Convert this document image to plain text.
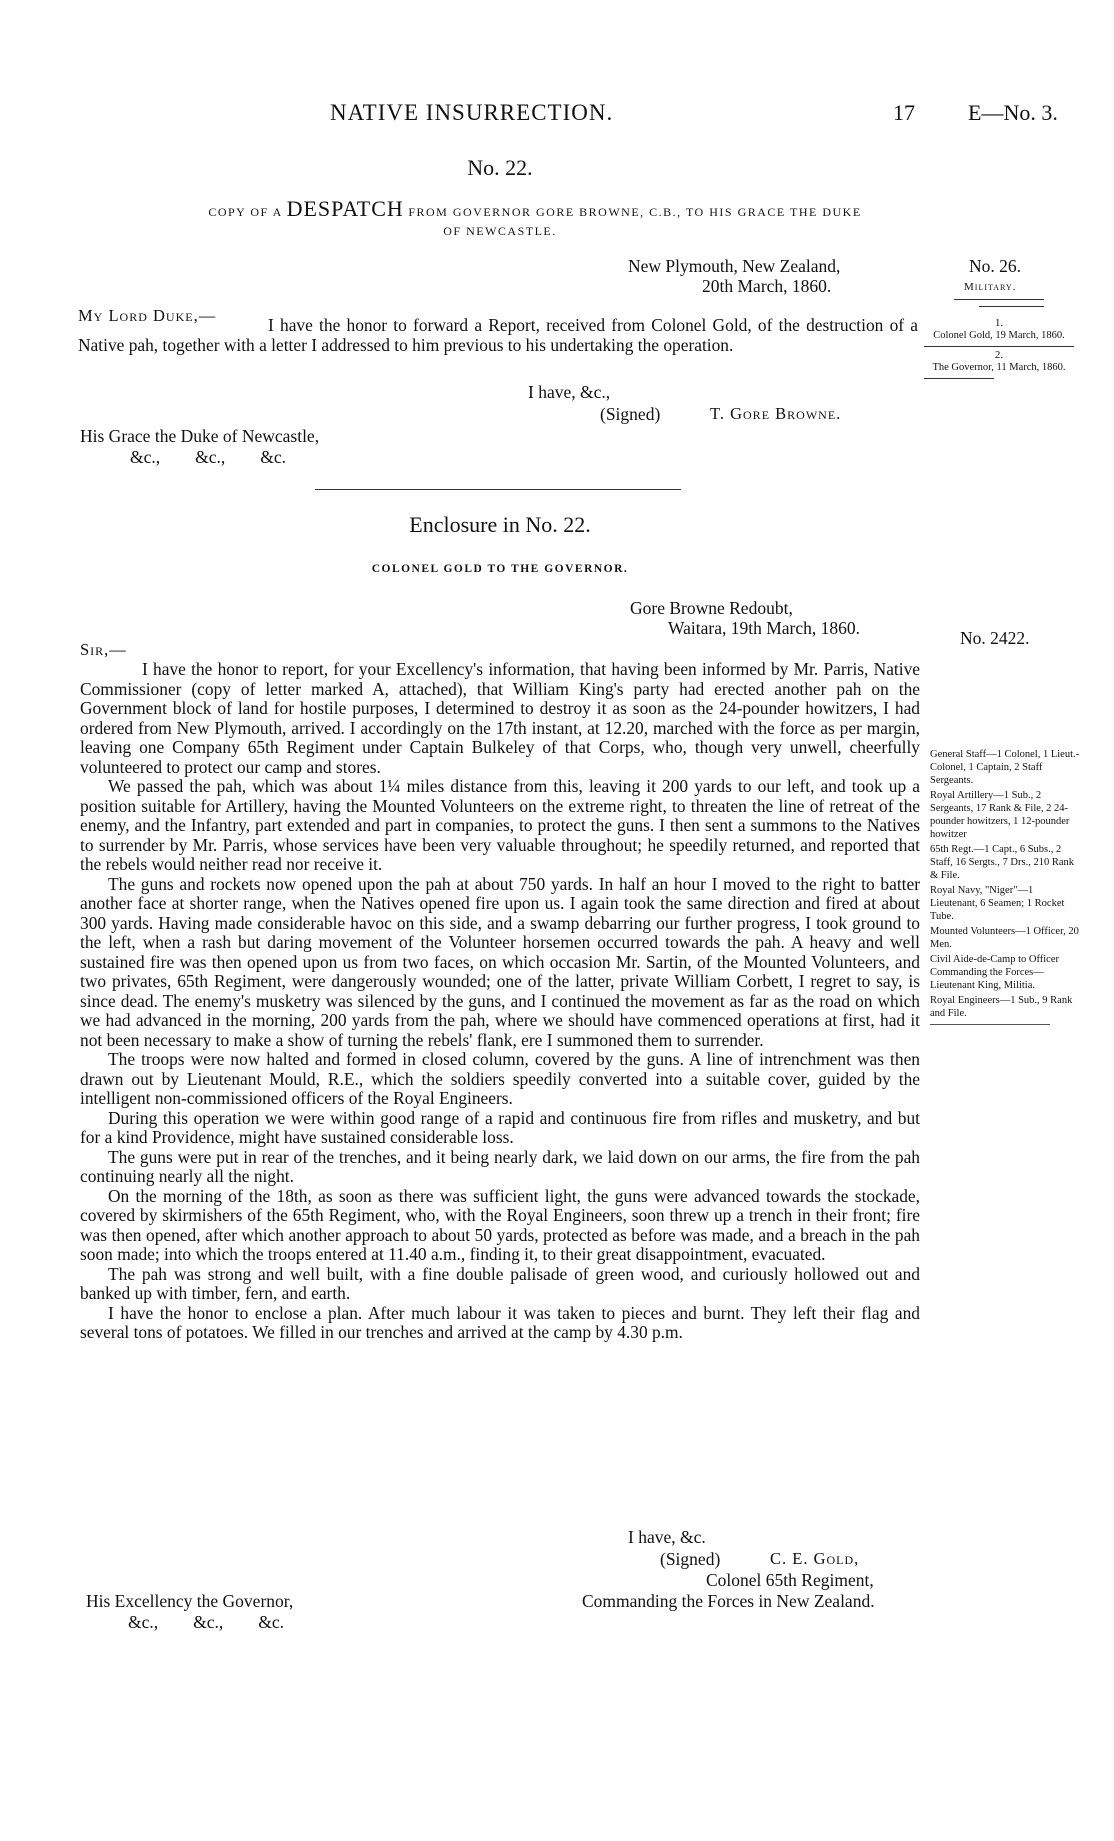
NATIVE INSURRECTION.	17 E—No. 3.
No. 22.
COPY OF A DESPATCH FROM GOVERNOR GORE BROWNE, C.B., TO HIS GRACE THE DUKE
OF NEWCASTLE.
New Plymouth, New Zealand,
20th March, 1860.
No. 26.
Military.
1.
Colonel Gold, 19 March, 1860.
2.
The Governor, 11 March, 1860.
My Lord Duke,—	I have the honor to forward a Report, received from Colonel Gold, of the destruction of a Native pah, together with a letter I addressed to him previous to his undertaking the operation.

I have, &c.,
(Signed)	T. Gore Browne.
His Grace the Duke of Newcastle,
&c.,        &c.,        &c.
Enclosure in No. 22.
COLONEL GOLD TO THE GOVERNOR.
Gore Browne Redoubt,
Waitara, 19th March, 1860.	No. 2422.
Sir,—

I have the honor to report, for your Excellency's information, that having been informed by Mr. Parris, Native Commissioner (copy of letter marked A, attached), that William King's party had erected another pah on the Government block of land for hostile purposes, I determined to destroy it as soon as the 24-pounder howitzers, I had ordered from New Plymouth, arrived. I accordingly on the 17th instant, at 12.20, marched with the force as per margin, leaving one Company 65th Regiment under Captain Bulkeley of that Corps, who, though very unwell, cheerfully volunteered to protect our camp and stores.

We passed the pah, which was about 1¼ miles distance from this, leaving it 200 yards to our left, and took up a position suitable for Artillery, having the Mounted Volunteers on the extreme right, to threaten the line of retreat of the enemy, and the Infantry, part extended and part in companies, to protect the guns. I then sent a summons to the Natives to surrender by Mr. Parris, whose services have been very valuable throughout; he speedily returned, and reported that the rebels would neither read nor receive it.

The guns and rockets now opened upon the pah at about 750 yards. In half an hour I moved to the right to batter another face at shorter range, when the Natives opened fire upon us. I again took the same direction and fired at about 300 yards. Having made considerable havoc on this side, and a swamp debarring our further progress, I took ground to the left, when a rash but daring movement of the Volunteer horsemen occurred towards the pah. A heavy and well sustained fire was then opened upon us from two faces, on which occasion Mr. Sartin, of the Mounted Volunteers, and two privates, 65th Regiment, were dangerously wounded; one of the latter, private William Corbett, I regret to say, is since dead. The enemy's musketry was silenced by the guns, and I continued the movement as far as the road on which we had advanced in the morning, 200 yards from the pah, where we should have commenced operations at first, had it not been necessary to make a show of turning the rebels' flank, ere I summoned them to surrender.

The troops were now halted and formed in closed column, covered by the guns. A line of intrenchment was then drawn out by Lieutenant Mould, R.E., which the soldiers speedily converted into a suitable cover, guided by the intelligent non-commissioned officers of the Royal Engineers.

During this operation we were within good range of a rapid and continuous fire from rifles and musketry, and but for a kind Providence, might have sustained considerable loss.

The guns were put in rear of the trenches, and it being nearly dark, we laid down on our arms, the fire from the pah continuing nearly all the night.

On the morning of the 18th, as soon as there was sufficient light, the guns were advanced towards the stockade, covered by skirmishers of the 65th Regiment, who, with the Royal Engineers, soon threw up a trench in their front; fire was then opened, after which another approach to about 50 yards, protected as before was made, and a breach in the pah soon made; into which the troops entered at 11.40 a.m., finding it, to their great disappointment, evacuated.

The pah was strong and well built, with a fine double palisade of green wood, and curiously hollowed out and banked up with timber, fern, and earth.

I have the honor to enclose a plan. After much labour it was taken to pieces and burnt. They left their flag and several tons of potatoes. We filled in our trenches and arrived at the camp by 4.30 p.m.

General Staff—1 Colonel, 1 Lieut.-Colonel, 1 Captain, 2 Staff Sergeants.
Royal Artillery—1 Sub., 2 Sergeants, 17 Rank & File, 2 24-pounder howitzers, 1 12-pounder howitzer
65th Regt.—1 Capt., 6 Subs., 2 Staff, 16 Sergts., 7 Drs., 210 Rank & File.
Royal Navy, "Niger"—1 Lieutenant, 6 Seamen; 1 Rocket Tube.
Mounted Volunteers—1 Officer, 20 Men.
Civil Aide-de-Camp to Officer Commanding the Forces—Lieutenant King, Militia.
Royal Engineers—1 Sub., 9 Rank and File.
I have, &c.
(Signed)	C. E. Gold,
Colonel 65th Regiment,
Commanding the Forces in New Zealand.
His Excellency the Governor,
&c.,        &c.,        &c.
